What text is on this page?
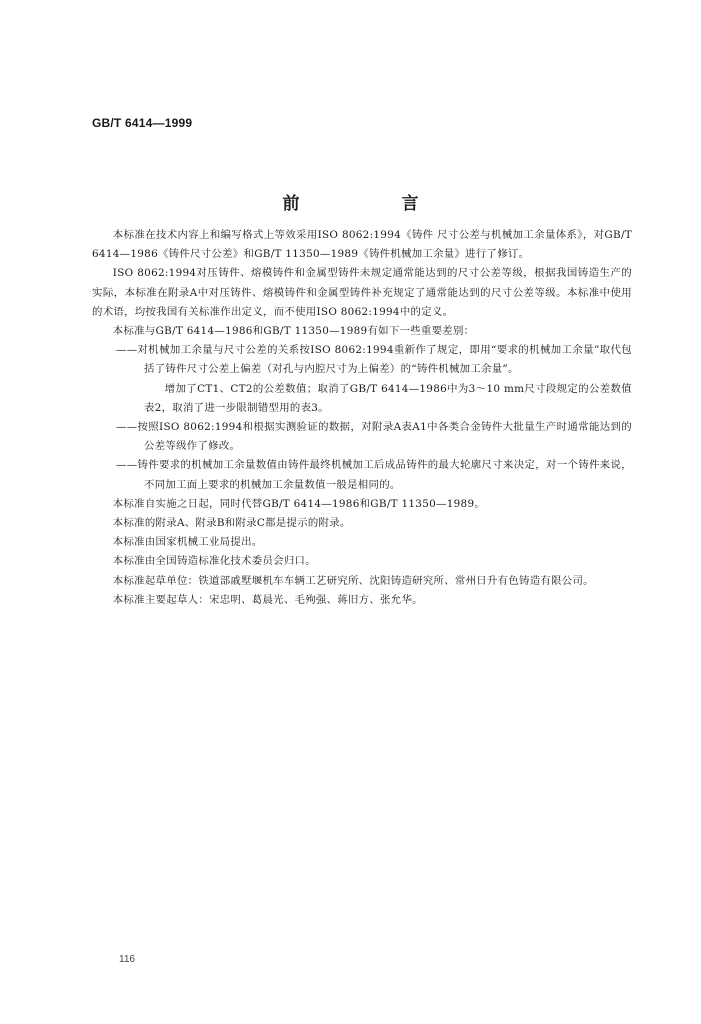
GB/T 6414—1999
前 言

本标准在技术内容上和编写格式上等效采用ISO 8062:1994《铸件 尺寸公差与机械加工余量体系》，对GB/T 6414—1986《铸件尺寸公差》和GB/T 11350—1989《铸件机械加工余量》进行了修订。

ISO 8062:1994对压铸件、熔模铸件和金属型铸件未规定通常能达到的尺寸公差等级，根据我国铸造生产的实际，本标准在附录A中对压铸件、熔模铸件和金属型铸件补充规定了通常能达到的尺寸公差等级。本标准中使用的术语，均按我国有关标准作出定义，而不使用ISO 8062:1994中的定义。

本标准与GB/T 6414—1986和GB/T 11350—1989有如下一些重要差别：

——对机械加工余量与尺寸公差的关系按ISO 8062:1994重新作了规定，即用“要求的机械加工余量”取代包括了铸件尺寸公差上偏差（对孔与内腔尺寸为上偏差）的“铸件机械加工余量”。

增加了CT1、CT2的公差数值；取消了GB/T 6414—1986中为3～10 mm尺寸段规定的公差数值表2，取消了进一步限制错型用的表3。

——按照ISO 8062:1994和根据实测验证的数据，对附录A表A1中各类合金铸件大批量生产时通常能达到的公差等级作了修改。

——铸件要求的机械加工余量数值由铸件最终机械加工后成品铸件的最大轮廓尺寸来决定，对一个铸件来说，不同加工面上要求的机械加工余量数值一般是相同的。

本标准自实施之日起，同时代替GB/T 6414—1986和GB/T 11350—1989。

本标准的附录A、附录B和附录C都是提示的附录。

本标准由国家机械工业局提出。

本标准由全国铸造标准化技术委员会归口。

本标准起草单位：铁道部戚墅堰机车车辆工艺研究所、沈阳铸造研究所、常州日升有色铸造有限公司。

本标准主要起草人：宋忠明、葛晨光、毛殉强、蒋旧方、张允华。

116
